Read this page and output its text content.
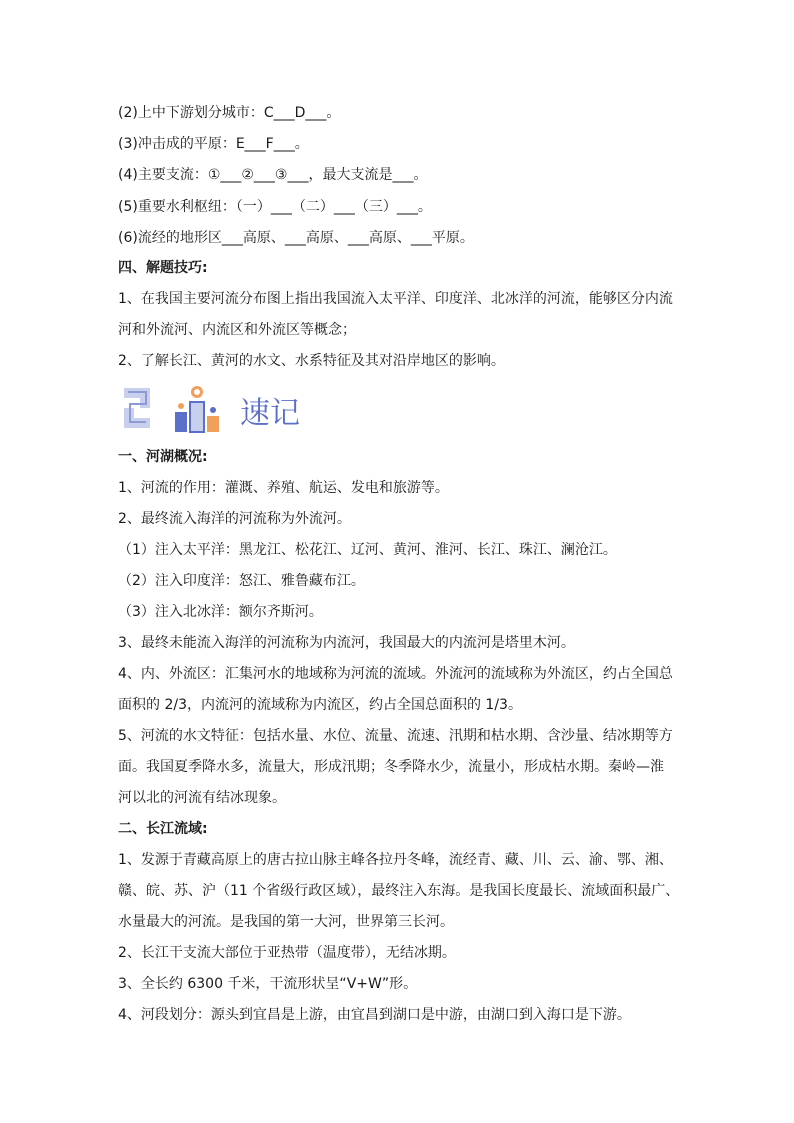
(2)上中下游划分城市：C___D___。
(3)冲击成的平原：E___F___。
(4)主要支流：①___②___③___，最大支流是___。
(5)重要水利枢纽：（一）___（二）___（三）___。
(6)流经的地形区___高原、___高原、___高原、___平原。
四、解题技巧:
1、在我国主要河流分布图上指出我国流入太平洋、印度洋、北冰洋的河流，能够区分内流
河和外流河、内流区和外流区等概念；
2、了解长江、黄河的水文、水系特征及其对沿岸地区的影响。
速记
一、河湖概况:
1、河流的作用：灌溉、养殖、航运、发电和旅游等。
2、最终流入海洋的河流称为外流河。
（1）注入太平洋：黑龙江、松花江、辽河、黄河、淮河、长江、珠江、澜沧江。
（2）注入印度洋：怒江、雅鲁藏布江。
（3）注入北冰洋：额尔齐斯河。
3、最终未能流入海洋的河流称为内流河，我国最大的内流河是塔里木河。
4、内、外流区：汇集河水的地域称为河流的流域。外流河的流域称为外流区，约占全国总
面积的 2/3，内流河的流域称为内流区，约占全国总面积的 1/3。
5、河流的水文特征：包括水量、水位、流量、流速、汛期和枯水期、含沙量、结冰期等方
面。我国夏季降水多，流量大，形成汛期；冬季降水少，流量小，形成枯水期。秦岭—淮
河以北的河流有结冰现象。
二、长江流域:
1、发源于青藏高原上的唐古拉山脉主峰各拉丹冬峰，流经青、藏、川、云、渝、鄂、湘、
赣、皖、苏、沪（11 个省级行政区域），最终注入东海。是我国长度最长、流域面积最广、
水量最大的河流。是我国的第一大河，世界第三长河。
2、长江干支流大部位于亚热带（温度带），无结冰期。
3、全长约 6300 千米，干流形状呈“V+W”形。
4、河段划分：源头到宜昌是上游，由宜昌到湖口是中游，由湖口到入海口是下游。
